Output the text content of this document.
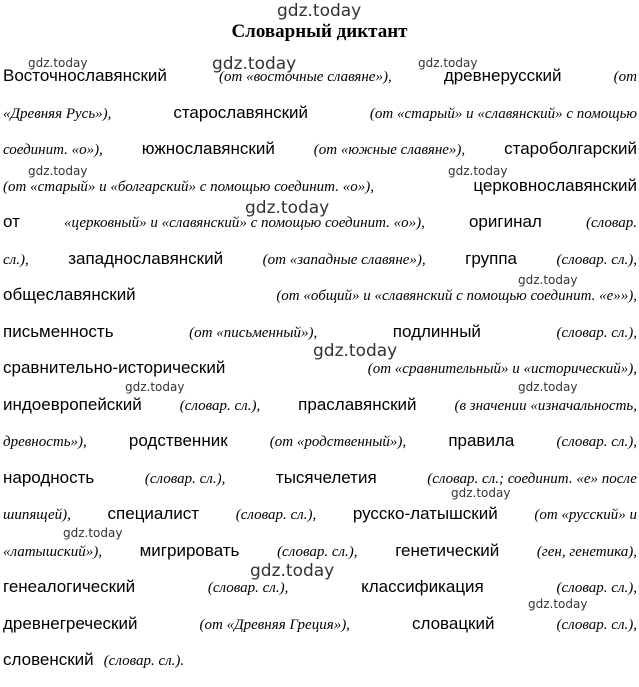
gdz.today
Словарный диктант
Восточнославянский	(от «восточные славяне»),	древнерусский	(от
«Древняя Русь»),	старославянский	(от «старый» и «славянский» с помощью
соединит. «о»), южнославянский	(от «южные славяне»), староболгарский
(от «старый» и «болгарский» с помощью соединит. «о»),	церковнославянский
от	«церковный» и «славянский» с помощью соединит. «о»),	оригинал	(словар.
сл.), западнославянский	(от «западные славяне»), группа	(словар. сл.),
общеславянский	(от «общий» и «славянский с помощью соединит. «е»»),
письменность	(от «письменный»),	подлинный	(словар. сл.),
сравнительно-исторический	(от «сравнительный» и «исторический»),
индоевропейский	(словар. сл.), праславянский	(в значении «изначальность,
древность»), родственник	(от «родственный»), правила	(словар. сл.),
народность	(словар. сл.),	тысячелетия	(словар. сл.; соединит. «е» после
шипящей), специалист (словар. сл.), русско-латышский (от «русский» и
«латышский»), мигрировать	(словар. сл.), генетический	(ген, генетика),
генеалогический	(словар. сл.),	классификация	(словар. сл.),
древнегреческий	(от «Древняя Греция»),	словацкий	(словар. сл.),
словенский (словар. сл.).
gdz.today	gdz.today	gdz.today
gdz.today	gdz.today
gdz.today
gdz.today
gdz.today
gdz.today	gdz.today
gdz.today
gdz.today
gdz.today
gdz.today
